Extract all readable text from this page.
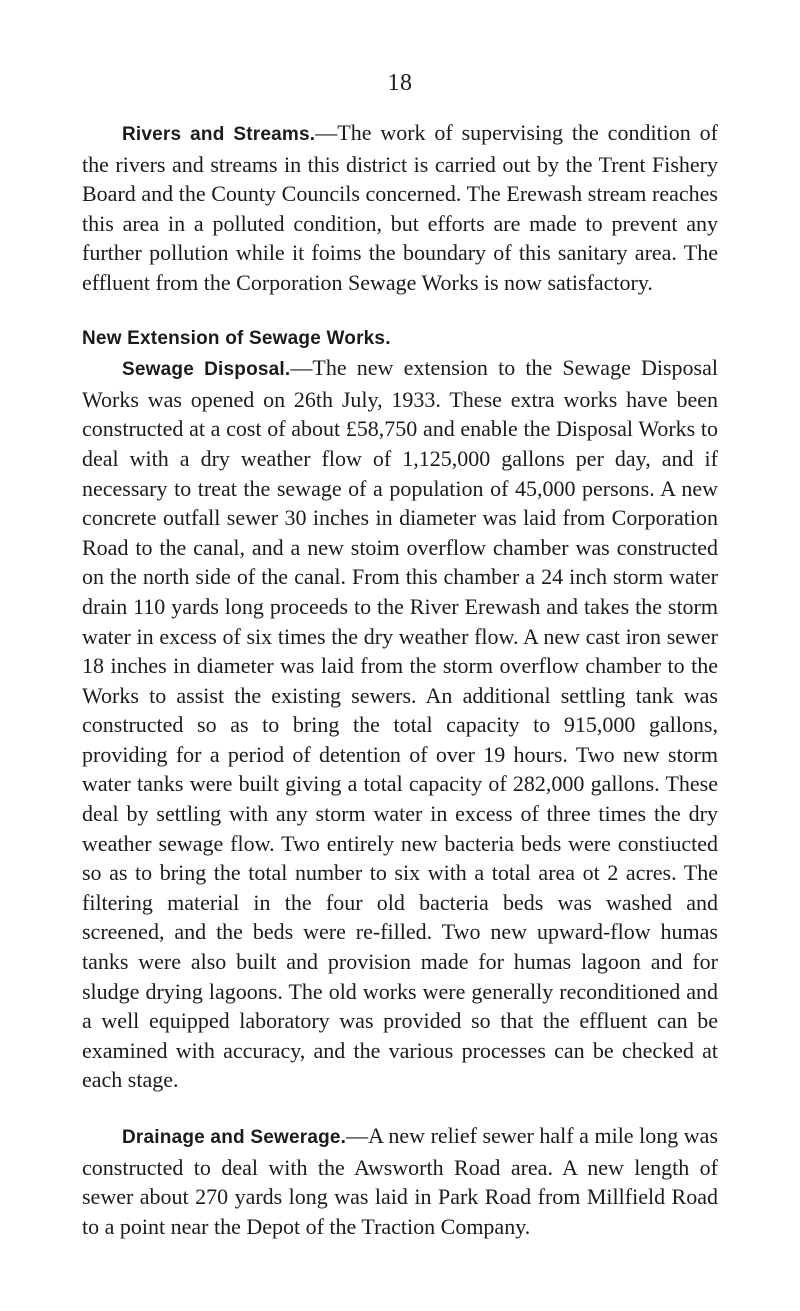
18

Rivers and Streams.—The work of supervising the condition of the rivers and streams in this district is carried out by the Trent Fishery Board and the County Councils concerned. The Erewash stream reaches this area in a polluted condition, but efforts are made to prevent any further pollution while it foims the boundary of this sanitary area. The effluent from the Corporation Sewage Works is now satisfactory.

New Extension of Sewage Works.

Sewage Disposal.—The new extension to the Sewage Disposal Works was opened on 26th July, 1933. These extra works have been constructed at a cost of about £58,750 and enable the Disposal Works to deal with a dry weather flow of 1,125,000 gallons per day, and if necessary to treat the sewage of a population of 45,000 persons. A new concrete outfall sewer 30 inches in diameter was laid from Corporation Road to the canal, and a new stoim overflow chamber was constructed on the north side of the canal. From this chamber a 24 inch storm water drain 110 yards long proceeds to the River Erewash and takes the storm water in excess of six times the dry weather flow. A new cast iron sewer 18 inches in diameter was laid from the storm overflow chamber to the Works to assist the existing sewers. An additional settling tank was constructed so as to bring the total capacity to 915,000 gallons, providing for a period of detention of over 19 hours. Two new storm water tanks were built giving a total capacity of 282,000 gallons. These deal by settling with any storm water in excess of three times the dry weather sewage flow. Two entirely new bacteria beds were constiucted so as to bring the total number to six with a total area ot 2 acres. The filtering material in the four old bacteria beds was washed and screened, and the beds were re-filled. Two new upward-flow humas tanks were also built and provision made for humas lagoon and for sludge drying lagoons. The old works were generally reconditioned and a well equipped laboratory was provided so that the effluent can be examined with accuracy, and the various processes can be checked at each stage.

Drainage and Sewerage.—A new relief sewer half a mile long was constructed to deal with the Awsworth Road area. A new length of sewer about 270 yards long was laid in Park Road from Millfield Road to a point near the Depot of the Traction Company.
